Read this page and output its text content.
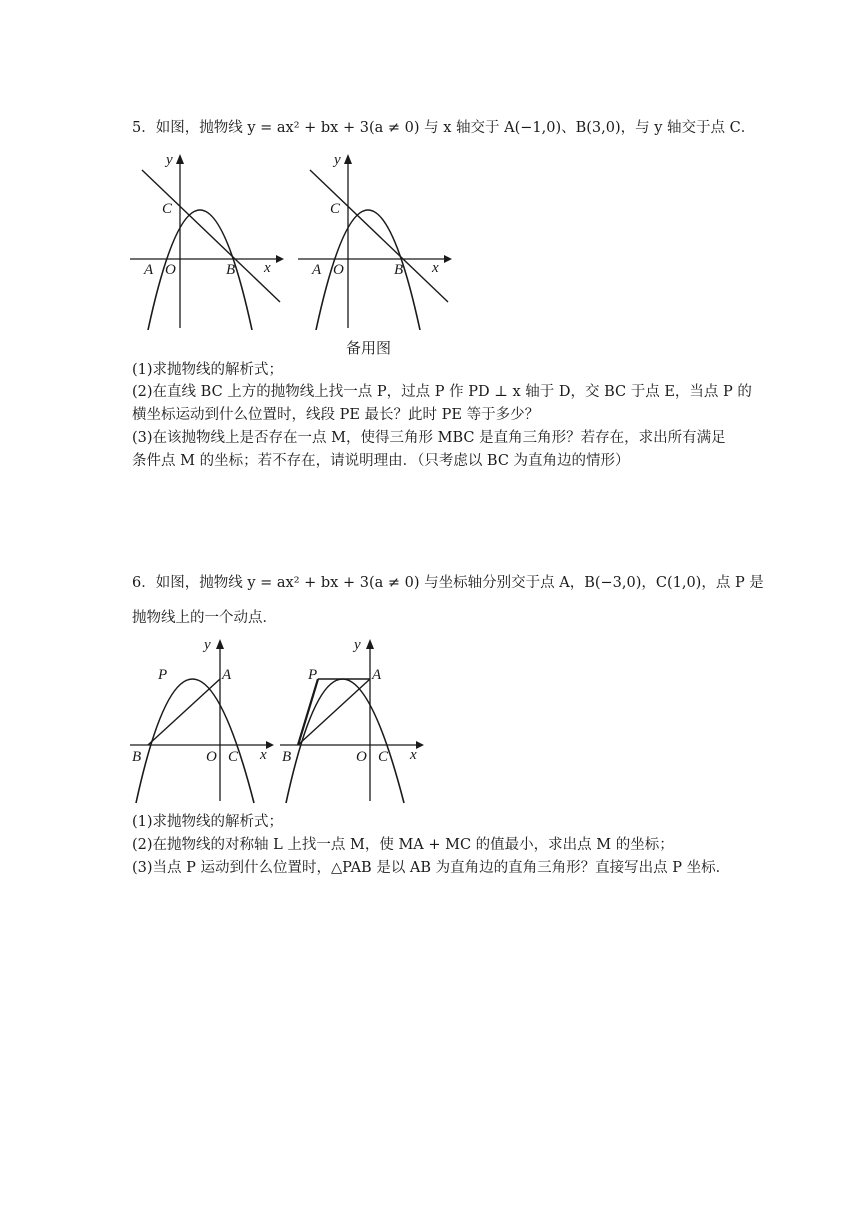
5．如图，抛物线 y = ax² + bx + 3(a ≠ 0) 与 x 轴交于 A(−1,0)、B(3,0)，与 y 轴交于点 C．
y
C
A O	B x
y
C
A O	B x
备用图
(1)求抛物线的解析式；
(2)在直线 BC 上方的抛物线上找一点 P，过点 P 作 PD ⊥ x 轴于 D，交 BC 于点 E，当点 P 的
横坐标运动到什么位置时，线段 PE 最长？此时 PE 等于多少？
(3)在该抛物线上是否存在一点 M，使得三角形 MBC 是直角三角形？若存在，求出所有满足
条件点 M 的坐标；若不存在，请说明理由．（只考虑以 BC 为直角边的情形）
6．如图，抛物线 y = ax² + bx + 3(a ≠ 0) 与坐标轴分别交于点 A，B(−3,0)，C(1,0)，点 P 是
抛物线上的一个动点．
y
P	A
B	O C x
y
P	A
B	O C x
(1)求抛物线的解析式；
(2)在抛物线的对称轴 L 上找一点 M，使 MA + MC 的值最小，求出点 M 的坐标；
(3)当点 P 运动到什么位置时，△PAB 是以 AB 为直角边的直角三角形？直接写出点 P 坐标．
